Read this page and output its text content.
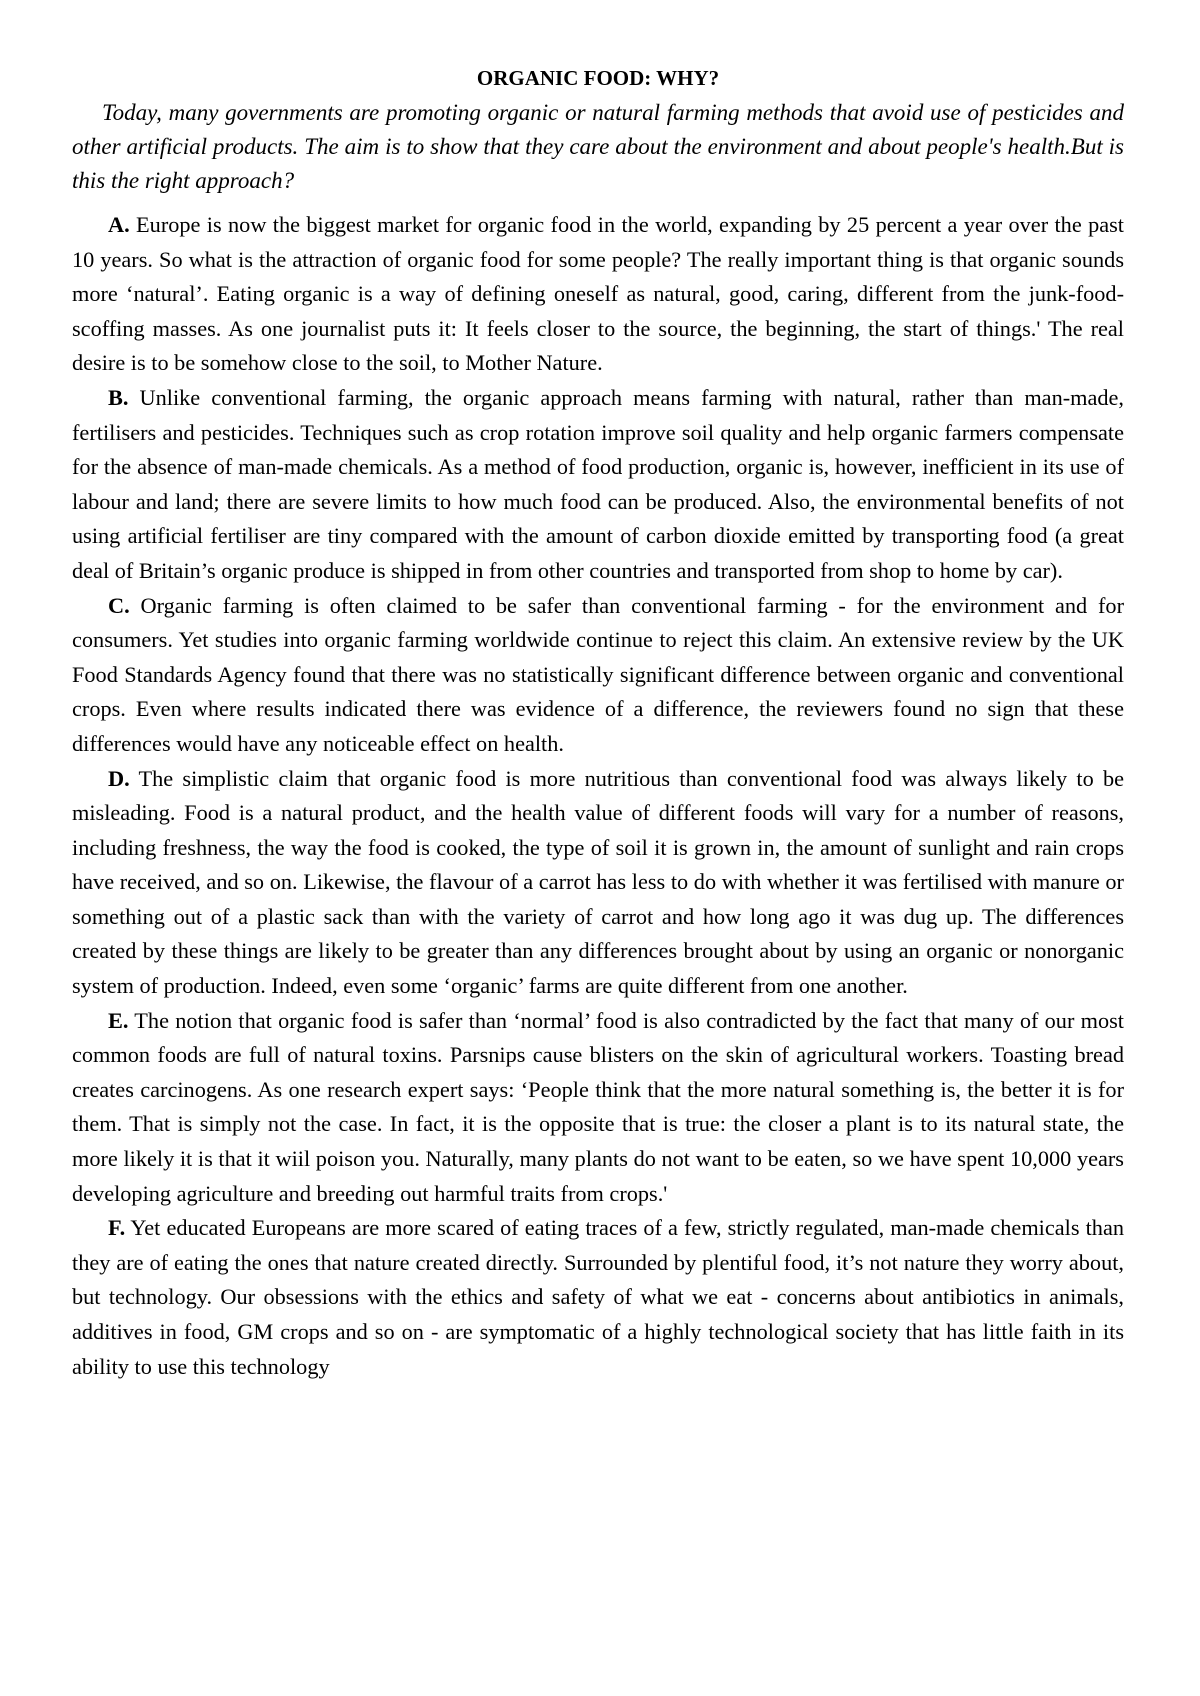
ORGANIC FOOD: WHY?

Today, many governments are promoting organic or natural farming methods that avoid use of pesticides and other artificial products. The aim is to show that they care about the environment and about people's health.But is this the right approach?

A. Europe is now the biggest market for organic food in the world, expanding by 25 percent a year over the past 10 years. So what is the attraction of organic food for some people? The really important thing is that organic sounds more ‘natural’. Eating organic is a way of defining oneself as natural, good, caring, different from the junk-food-scoffing masses. As one journalist puts it: It feels closer to the source, the beginning, the start of things.' The real desire is to be somehow close to the soil, to Mother Nature.

B. Unlike conventional farming, the organic approach means farming with natural, rather than man-made, fertilisers and pesticides. Techniques such as crop rotation improve soil quality and help organic farmers compensate for the absence of man-made chemicals. As a method of food production, organic is, however, inefficient in its use of labour and land; there are severe limits to how much food can be produced. Also, the environmental benefits of not using artificial fertiliser are tiny compared with the amount of carbon dioxide emitted by transporting food (a great deal of Britain’s organic produce is shipped in from other countries and transported from shop to home by car).

C. Organic farming is often claimed to be safer than conventional farming - for the environment and for consumers. Yet studies into organic farming worldwide continue to reject this claim. An extensive review by the UK Food Standards Agency found that there was no statistically significant difference between organic and conventional crops. Even where results indicated there was evidence of a difference, the reviewers found no sign that these differences would have any noticeable effect on health.

D. The simplistic claim that organic food is more nutritious than conventional food was always likely to be misleading. Food is a natural product, and the health value of different foods will vary for a number of reasons, including freshness, the way the food is cooked, the type of soil it is grown in, the amount of sunlight and rain crops have received, and so on. Likewise, the flavour of a carrot has less to do with whether it was fertilised with manure or something out of a plastic sack than with the variety of carrot and how long ago it was dug up. The differences created by these things are likely to be greater than any differences brought about by using an organic or nonorganic system of production. Indeed, even some ‘organic’ farms are quite different from one another.

E. The notion that organic food is safer than ‘normal’ food is also contradicted by the fact that many of our most common foods are full of natural toxins. Parsnips cause blisters on the skin of agricultural workers. Toasting bread creates carcinogens. As one research expert says: ‘People think that the more natural something is, the better it is for them. That is simply not the case. In fact, it is the opposite that is true: the closer a plant is to its natural state, the more likely it is that it wiil poison you. Naturally, many plants do not want to be eaten, so we have spent 10,000 years developing agriculture and breeding out harmful traits from crops.'

F. Yet educated Europeans are more scared of eating traces of a few, strictly regulated, man-made chemicals than they are of eating the ones that nature created directly. Surrounded by plentiful food, it’s not nature they worry about, but technology. Our obsessions with the ethics and safety of what we eat - concerns about antibiotics in animals, additives in food, GM crops and so on - are symptomatic of a highly technological society that has little faith in its ability to use this technology
